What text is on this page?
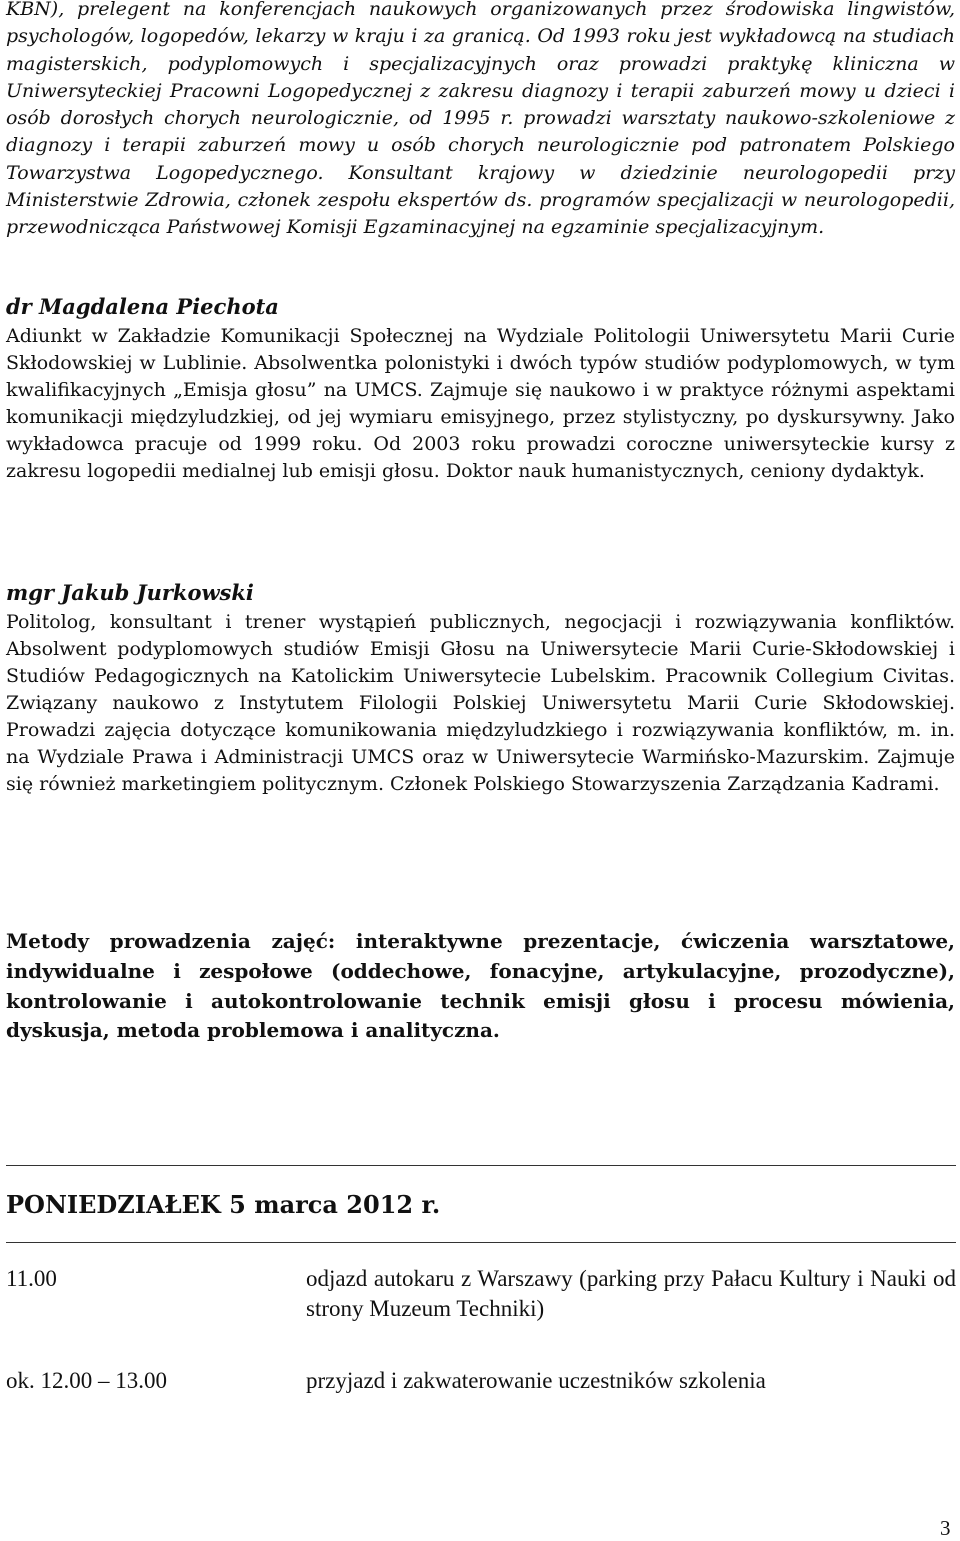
KBN), prelegent na konferencjach naukowych organizowanych przez środowiska lingwistów, psychologów, logopedów, lekarzy w kraju i za granicą. Od 1993 roku jest wykładowcą na studiach magisterskich, podyplomowych i specjalizacyjnych oraz prowadzi praktykę kliniczna w Uniwersyteckiej Pracowni Logopedycznej z zakresu diagnozy i terapii zaburzeń mowy u dzieci i osób dorosłych chorych neurologicznie, od 1995 r. prowadzi warsztaty naukowo-szkoleniowe z diagnozy i terapii zaburzeń mowy u osób chorych neurologicznie pod patronatem Polskiego Towarzystwa Logopedycznego. Konsultant krajowy w dziedzinie neurologopedii przy Ministerstwie Zdrowia, członek zespołu ekspertów ds. programów specjalizacji w neurologopedii, przewodnicząca Państwowej Komisji Egzaminacyjnej na egzaminie specjalizacyjnym.

dr Magdalena Piechota

Adiunkt w Zakładzie Komunikacji Społecznej na Wydziale Politologii Uniwersytetu Marii Curie Skłodowskiej w Lublinie. Absolwentka polonistyki i dwóch typów studiów podyplomowych, w tym kwalifikacyjnych „Emisja głosu” na UMCS. Zajmuje się naukowo i w praktyce różnymi aspektami komunikacji międzyludzkiej, od jej wymiaru emisyjnego, przez stylistyczny, po dyskursywny. Jako wykładowca pracuje od 1999 roku. Od 2003 roku prowadzi coroczne uniwersyteckie kursy z zakresu logopedii medialnej lub emisji głosu. Doktor nauk humanistycznych, ceniony dydaktyk.

mgr Jakub Jurkowski

Politolog, konsultant i trener wystąpień publicznych, negocjacji i rozwiązywania konfliktów. Absolwent podyplomowych studiów Emisji Głosu na Uniwersytecie Marii Curie-Skłodowskiej i Studiów Pedagogicznych na Katolickim Uniwersytecie Lubelskim. Pracownik Collegium Civitas. Związany naukowo z Instytutem Filologii Polskiej Uniwersytetu Marii Curie Skłodowskiej. Prowadzi zajęcia dotyczące komunikowania międzyludzkiego i rozwiązywania konfliktów, m. in. na Wydziale Prawa i Administracji UMCS oraz w Uniwersytecie Warmińsko-Mazurskim. Zajmuje się również marketingiem politycznym. Członek Polskiego Stowarzyszenia Zarządzania Kadrami.

Metody prowadzenia zajęć: interaktywne prezentacje, ćwiczenia warsztatowe, indywidualne i zespołowe (oddechowe, fonacyjne, artykulacyjne, prozodyczne), kontrolowanie i autokontrolowanie technik emisji głosu i procesu mówienia, dyskusja, metoda problemowa i analityczna.

PONIEDZIAŁEK 5 marca 2012 r.
11.00	odjazd autokaru z Warszawy (parking przy Pałacu Kultury i Nauki od strony Muzeum Techniki)
ok. 12.00 – 13.00	przyjazd i zakwaterowanie uczestników szkolenia
3
